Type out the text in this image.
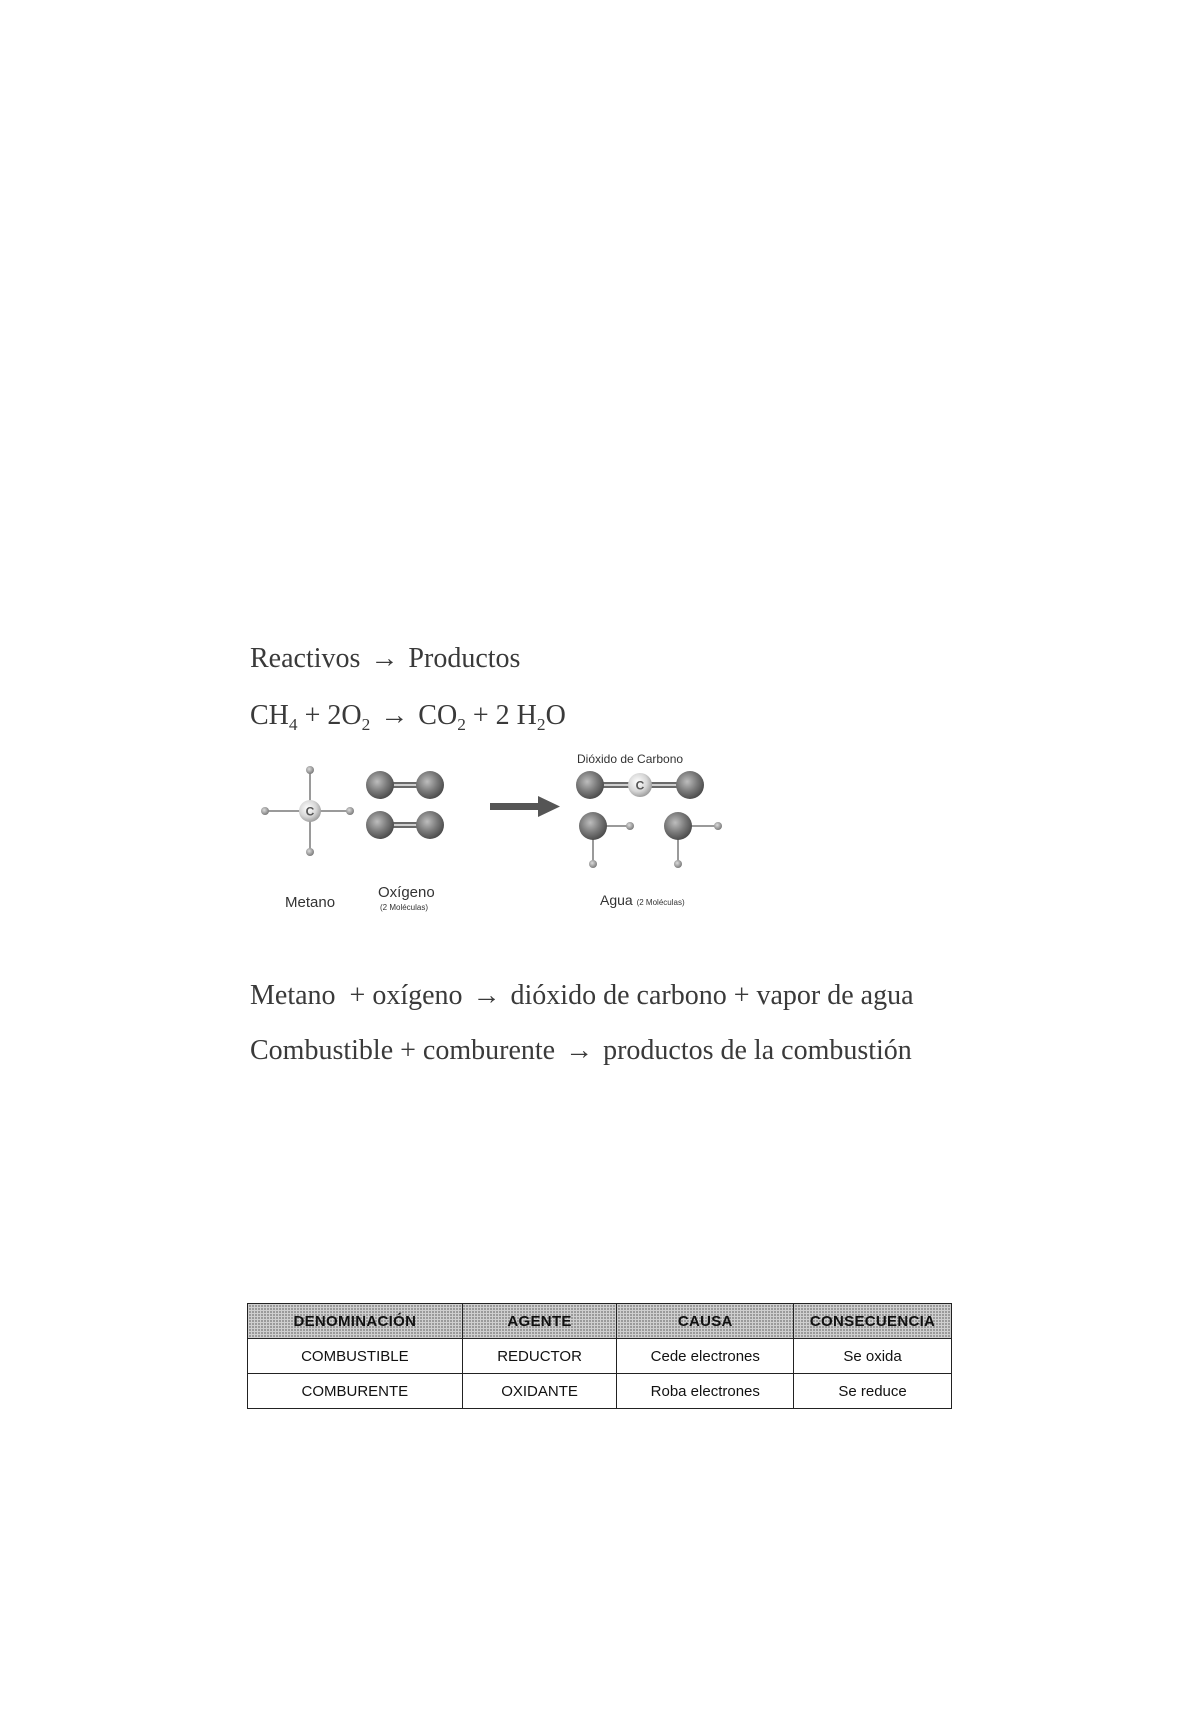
Reactivos → Productos
$CH_4 + 2O_2 \to CO_2 + 2$ $H_2O$
C
C
Metano
Oxígeno
(2 Moléculas)
Dióxido de Carbono
Agua (2 Moléculas)
Metano  + oxígeno → dióxido de carbono + vapor de agua
Combustible + comburente → productos de la combustión
DENOMINACIÓN	AGENTE	CAUSA	CONSECUENCIA
COMBUSTIBLE	REDUCTOR	Cede electrones	Se oxida
COMBURENTE	OXIDANTE	Roba electrones	Se reduce
